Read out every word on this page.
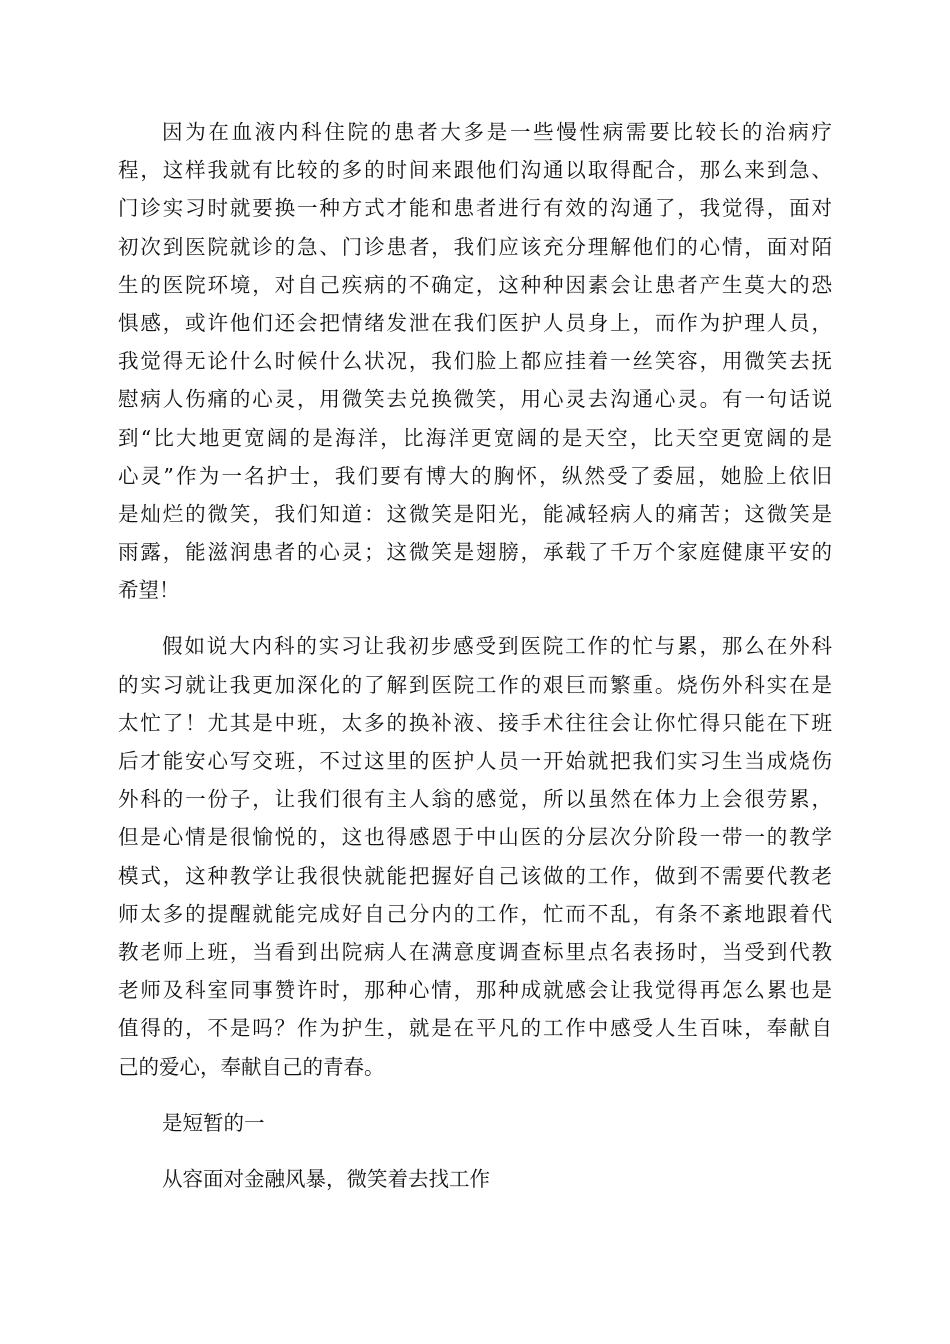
因为在血液内科住院的患者大多是一些慢性病需要比较长的治病疗
程，这样我就有比较的多的时间来跟他们沟通以取得配合，那么来到急、
门诊实习时就要换一种方式才能和患者进行有效的沟通了，我觉得，面对
初次到医院就诊的急、门诊患者，我们应该充分理解他们的心情，面对陌
生的医院环境，对自己疾病的不确定，这种种因素会让患者产生莫大的恐
惧感，或许他们还会把情绪发泄在我们医护人员身上，而作为护理人员，
我觉得无论什么时候什么状况，我们脸上都应挂着一丝笑容，用微笑去抚
慰病人伤痛的心灵，用微笑去兑换微笑，用心灵去沟通心灵。有一句话说
到“比大地更宽阔的是海洋，比海洋更宽阔的是天空，比天空更宽阔的是
心灵”作为一名护士，我们要有博大的胸怀，纵然受了委屈，她脸上依旧
是灿烂的微笑，我们知道：这微笑是阳光，能减轻病人的痛苦；这微笑是
雨露，能滋润患者的心灵；这微笑是翅膀，承载了千万个家庭健康平安的
希望！
假如说大内科的实习让我初步感受到医院工作的忙与累，那么在外科
的实习就让我更加深化的了解到医院工作的艰巨而繁重。烧伤外科实在是
太忙了！尤其是中班，太多的换补液、接手术往往会让你忙得只能在下班
后才能安心写交班，不过这里的医护人员一开始就把我们实习生当成烧伤
外科的一份子，让我们很有主人翁的感觉，所以虽然在体力上会很劳累，
但是心情是很愉悦的，这也得感恩于中山医的分层次分阶段一带一的教学
模式，这种教学让我很快就能把握好自己该做的工作，做到不需要代教老
师太多的提醒就能完成好自己分内的工作，忙而不乱，有条不紊地跟着代
教老师上班，当看到出院病人在满意度调查标里点名表扬时，当受到代教
老师及科室同事赞许时，那种心情，那种成就感会让我觉得再怎么累也是
值得的，不是吗？作为护生，就是在平凡的工作中感受人生百味，奉献自
己的爱心，奉献自己的青春。
是短暂的一
从容面对金融风暴，微笑着去找工作
